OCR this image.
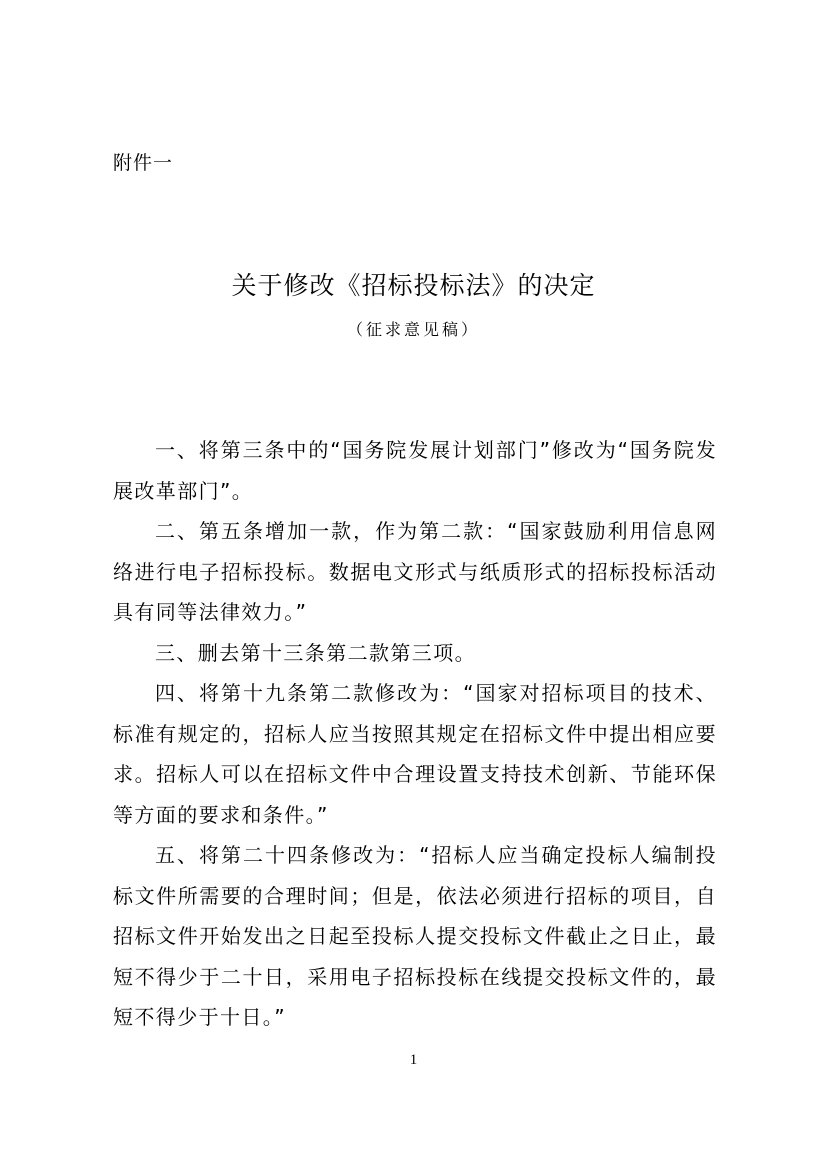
附件一
关于修改《招标投标法》的决定
（征求意见稿）

一、将第三条中的“国务院发展计划部门”修改为“国务院发展改革部门”。

二、第五条增加一款，作为第二款：“国家鼓励利用信息网络进行电子招标投标。数据电文形式与纸质形式的招标投标活动具有同等法律效力。”

三、删去第十三条第二款第三项。

四、将第十九条第二款修改为：“国家对招标项目的技术、标准有规定的，招标人应当按照其规定在招标文件中提出相应要求。招标人可以在招标文件中合理设置支持技术创新、节能环保等方面的要求和条件。”

五、将第二十四条修改为：“招标人应当确定投标人编制投标文件所需要的合理时间；但是，依法必须进行招标的项目，自招标文件开始发出之日起至投标人提交投标文件截止之日止，最短不得少于二十日，采用电子招标投标在线提交投标文件的，最短不得少于十日。”

1
